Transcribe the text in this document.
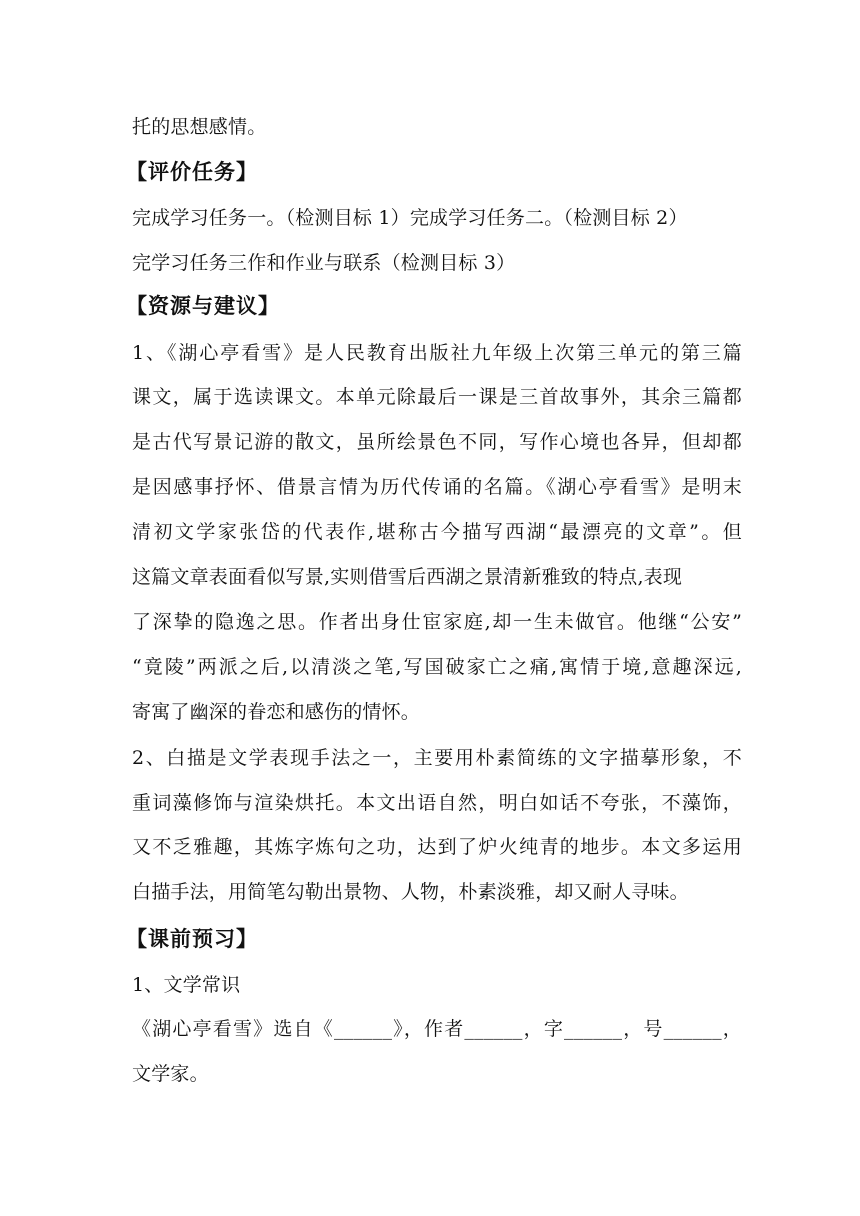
托的思想感情。
【评价任务】
完成学习任务一。（检测目标 1）完成学习任务二。（检测目标 2）
完学习任务三作和作业与联系（检测目标 3）
【资源与建议】
1、《湖心亭看雪》是人民教育出版社九年级上次第三单元的第三篇
课文，属于选读课文。本单元除最后一课是三首故事外，其余三篇都
是古代写景记游的散文，虽所绘景色不同，写作心境也各异，但却都
是因感事抒怀、借景言情为历代传诵的名篇。《湖心亭看雪》是明末
清初文学家张岱的代表作,堪称古今描写西湖“最漂亮的文章”。但
这篇文章表面看似写景,实则借雪后西湖之景清新雅致的特点,表现
了深挚的隐逸之思。作者出身仕宦家庭,却一生未做官。他继“公安”
“竟陵”两派之后,以清淡之笔,写国破家亡之痛,寓情于境,意趣深远,
寄寓了幽深的眷恋和感伤的情怀。
2、白描是文学表现手法之一，主要用朴素简练的文字描摹形象，不
重词藻修饰与渲染烘托。本文出语自然，明白如话不夸张，不藻饰，
又不乏雅趣，其炼字炼句之功，达到了炉火纯青的地步。本文多运用
白描手法，用简笔勾勒出景物、人物，朴素淡雅，却又耐人寻味。
【课前预习】
1、文学常识
《湖心亭看雪》选自《______》，作者______，字______，号______，
文学家。
